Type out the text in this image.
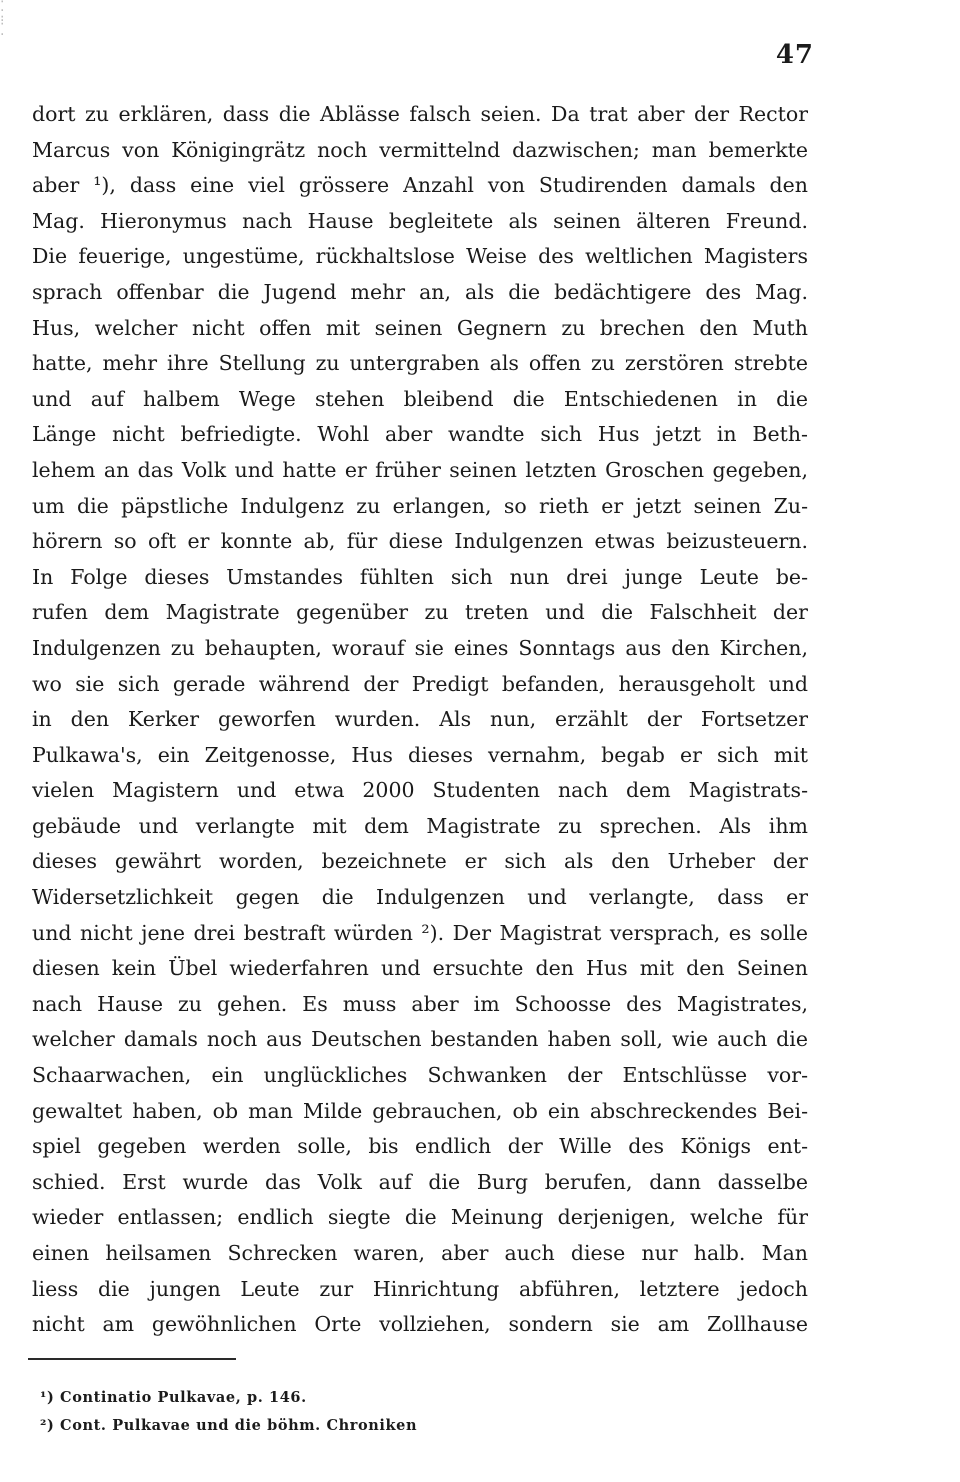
⁚
⁝
·
47
dort zu erklären, dass die Ablässe falsch seien. Da trat aber der Rector
Marcus von Königingrätz noch vermittelnd dazwischen; man bemerkte
aber ¹), dass eine viel grössere Anzahl von Studirenden damals den
Mag. Hieronymus nach Hause begleitete als seinen älteren Freund.
Die feuerige, ungestüme, rückhaltslose Weise des weltlichen Magisters
sprach offenbar die Jugend mehr an, als die bedächtigere des Mag.
Hus, welcher nicht offen mit seinen Gegnern zu brechen den Muth
hatte, mehr ihre Stellung zu untergraben als offen zu zerstören strebte
und auf halbem Wege stehen bleibend die Entschiedenen in die
Länge nicht befriedigte. Wohl aber wandte sich Hus jetzt in Beth-
lehem an das Volk und hatte er früher seinen letzten Groschen gegeben,
um die päpstliche Indulgenz zu erlangen, so rieth er jetzt seinen Zu-
hörern so oft er konnte ab, für diese Indulgenzen etwas beizusteuern.
In Folge dieses Umstandes fühlten sich nun drei junge Leute be-
rufen dem Magistrate gegenüber zu treten und die Falschheit der
Indulgenzen zu behaupten, worauf sie eines Sonntags aus den Kirchen,
wo sie sich gerade während der Predigt befanden, herausgeholt und
in den Kerker geworfen wurden. Als nun, erzählt der Fortsetzer
Pulkawa's, ein Zeitgenosse, Hus dieses vernahm, begab er sich mit
vielen Magistern und etwa 2000 Studenten nach dem Magistrats-
gebäude und verlangte mit dem Magistrate zu sprechen. Als ihm
dieses gewährt worden, bezeichnete er sich als den Urheber der
Widersetzlichkeit gegen die Indulgenzen und verlangte, dass er
und nicht jene drei bestraft würden ²). Der Magistrat versprach, es solle
diesen kein Übel wiederfahren und ersuchte den Hus mit den Seinen
nach Hause zu gehen. Es muss aber im Schoosse des Magistrates,
welcher damals noch aus Deutschen bestanden haben soll, wie auch die
Schaarwachen, ein unglückliches Schwanken der Entschlüsse vor-
gewaltet haben, ob man Milde gebrauchen, ob ein abschreckendes Bei-
spiel gegeben werden solle, bis endlich der Wille des Königs ent-
schied. Erst wurde das Volk auf die Burg berufen, dann dasselbe
wieder entlassen; endlich siegte die Meinung derjenigen, welche für
einen heilsamen Schrecken waren, aber auch diese nur halb. Man
liess die jungen Leute zur Hinrichtung abführen, letztere jedoch
nicht am gewöhnlichen Orte vollziehen, sondern sie am Zollhause
¹) Continatio Pulkavae, p. 146.
²) Cont. Pulkavae und die böhm. Chroniken
